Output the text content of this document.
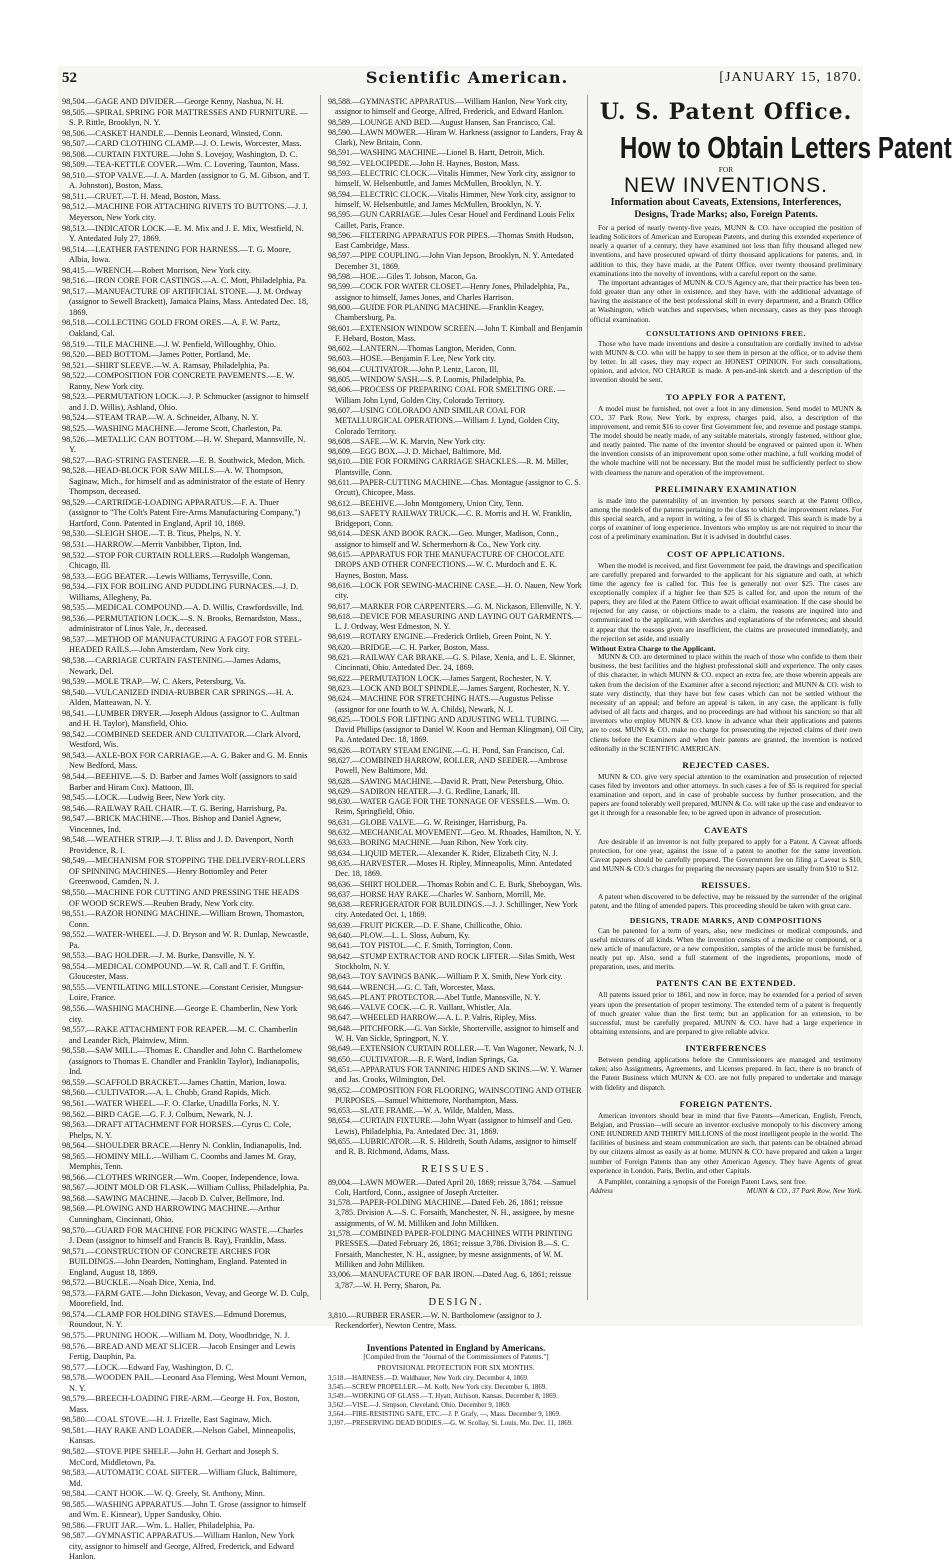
52	Scientific American.	[JANUARY 15, 1870.
98,504.—GAGE AND DIVIDER.—George Kenny, Nashua, N. H.
98,505.—SPIRAL SPRING FOR MATTRESSES AND FURNITURE. —S. P. Rittle, Brooklyn, N. Y.
98,506.—CASKET HANDLE.—Dennis Leonard, Winsted, Conn.
98,507.—CARD CLOTHING CLAMP.—J. O. Lewis, Worcester, Mass.
98,508.—CURTAIN FIXTURE.—John S. Lovejoy, Washington, D. C.
98,509.—TEA-KETTLE COVER.—Wm. C. Lovering, Taunton, Mass.
98,510.—STOP VALVE.—J. A. Marden (assignor to G. M. Gibson, and T. A. Johnston), Boston, Mass.
98,511.—CRUET.—T. H. Mead, Boston, Mass.
98,512.—MACHINE FOR ATTACHING RIVETS TO BUTTONS.—J. J. Meyerson, New York city.
98,513.—INDICATOR LOCK.—E. M. Mix and J. E. Mix, Westfield, N. Y. Antedated July 27, 1869.
98,514.—LEATHER FASTENING FOR HARNESS.—T. G. Moore, Albia, Iowa.
98,415.—WRENCH.—Robert Morrison, New York city.
98,516.—IRON CORE FOR CASTINGS.—A. C. Mott, Philadelphia, Pa.
98,517.—MANUFACTURE OF ARTIFICIAL STONE.—J. M. Ordway (assignor to Sewell Brackett), Jamaica Plains, Mass. Antedated Dec. 18, 1869.
98,518.—COLLECTING GOLD FROM ORES.—A. F. W. Partz, Oakland, Cal.
98,519.—TILE MACHINE.—J. W. Penfield, Willoughby, Ohio.
98,520.—BED BOTTOM.—James Potter, Portland, Me.
98,521.—SHIRT SLEEVE.—W. A. Ramsay, Philadelphia, Pa.
98,522.—COMPOSITION FOR CONCRETE PAVEMENTS.—E. W. Ranny, New York city.
98,523.—PERMUTATION LOCK.—J. P. Schmucker (assignor to himself and J. D. Willis), Ashland, Ohio.
98,524.—STEAM TRAP.—W. A. Schneider, Albany, N. Y.
98,525.—WASHING MACHINE.—Jerome Scott, Charleston, Pa.
98,526.—METALLIC CAN BOTTOM.—H. W. Shepard, Mannsville, N. Y.
98,527.—BAG-STRING FASTENER.—E. B. Southwick, Medon, Mich.
98,528.—HEAD-BLOCK FOR SAW MILLS.—A. W. Thompson, Saginaw, Mich., for himself and as administrator of the estate of Henry Thompson, deceased.
98,529.—CARTRIDGE-LOADING APPARATUS.—F. A. Thuer (assignor to "The Colt's Patent Fire-Arms Manufacturing Company,") Hartford, Conn. Patented in England, April 10, 1869.
98,530.—SLEIGH SHOE.—T. B. Titus, Phelps, N. Y.
98,531.—HARROW.—Merrit Vanbibber, Tipton, Ind.
98,532.—STOP FOR CURTAIN ROLLERS.—Rudolph Wangeman, Chicago, Ill.
98,533.—EGG BEATER.—Lewis Williams, Terrysville, Conn.
98,534.—FIX FOR BOILING AND PUDDLING FURNACES.—J. D. Williams, Allegheny, Pa.
98,535.—MEDICAL COMPOUND.—A. D. Willis, Crawfordsville, Ind.
98,536.—PERMUTATION LOCK.—S. N. Brooks, Bernardston, Mass., administrator of Linus Yale, Jr., deceased.
98,537.—METHOD OF MANUFACTURING A FAGOT FOR STEEL-HEADED RAILS.—John Amsterdam, New York city.
98,538.—CARRIAGE CURTAIN FASTENING.—James Adams, Newark, Del.
98,539.—MOLE TRAP.—W. C. Akers, Petersburg, Va.
98,540.—VULCANIZED INDIA-RUBBER CAR SPRINGS.—H. A. Alden, Matteawan, N. Y.
98,541.—LUMBER DRYER.—Joseph Aldous (assignor to C. Aultman and H. H. Taylor), Mansfield, Ohio.
98,542.—COMBINED SEEDER AND CULTIVATOR.—Clark Alvord, Westford, Wis.
98,543.—AXLE-BOX FOR CARRIAGE.—A. G. Baker and G. M. Ennis New Bedford, Mass.
98,544.—BEEHIVE.—S. D. Barber and James Wolf (assignors to said Barber and Hiram Cox). Mattoon, Ill.
98,545.—LOCK.—Ludwig Beer, New York city.
98,546.—RAILWAY RAIL CHAIR.—T. G. Bering, Harrisburg, Pa.
98,547.—BRICK MACHINE.—Thos. Bishop and Daniel Agnew, Vincennes, Ind.
98,548.—WEATHER STRIP.—J. T. Bliss and J. D. Davenport, North Providence, R. I.
98,549.—MECHANISM FOR STOPPING THE DELIVERY-ROLLERS OF SPINNING MACHINES.—Henry Bottomley and Peter Greenwood, Camden, N. J.
98,550.—MACHINE FOR CUTTING AND PRESSING THE HEADS OF WOOD SCREWS.—Reuben Brady, New York city.
98,551.—RAZOR HONING MACHINE.—William Brown, Thomaston, Conn.
98,552.—WATER-WHEEL.—J. D. Bryson and W. R. Dunlap, Newcastle, Pa.
98,553.—BAG HOLDER.—J. M. Burke, Dansville, N. Y.
98,554.—MEDICAL COMPOUND.—W. R. Call and T. F. Griffin, Gloucester, Mass.
98,555.—VENTILATING MILLSTONE.—Constant Cerisier, Mungsur-Loire, France.
98,556.—WASHING MACHINE.—George E. Chamberlin, New York city.
98,557.—RAKE ATTACHMENT FOR REAPER.—M. C. Chamberlin and Leander Rich, Plainview, Minn.
98,558.—SAW MILL.—Thomas E. Chandler and John C. Barthelomew (assignors to Thomas E. Chandler and Franklin Taylor), Indianapolis, Ind.
98,559.—SCAFFOLD BRACKET.—James Chattin, Marion, Iowa.
98,560.—CULTIVATOR.—A. L. Chubb, Grand Rapids, Mich.
98,561.—WATER WHEEL.—F. O. Clarke, Unadilla Forks, N. Y.
98,562.—BIRD CAGE.—G. F. J. Colburn, Newark, N. J.
98,563.—DRAFT ATTACHMENT FOR HORSES.—Cyrus C. Cole, Phelps, N. Y.
98,564.—SHOULDER BRACE.—Henry N. Conklin, Indianapolis, Ind.
98,565.—HOMINY MILL.—William C. Coombs and James M. Gray, Memphis, Tenn.
98,566.—CLOTHES WRINGER.—Wm. Cooper, Independence, Iowa.
98,567.—JOINT MOLD OR FLASK.—William Culliss, Philadelphia, Pa.
98,568.—SAWING MACHINE.—Jacob D. Culver, Bellmore, Ind.
98,569.—PLOWING AND HARROWING MACHINE.—Arthur Cunningham, Cincinnati, Ohio.
98,570.—GUARD FOR MACHINE FOR PICKING WASTE.—Charles J. Dean (assignor to himself and Francis B. Ray), Franklin, Mass.
98,571.—CONSTRUCTION OF CONCRETE ARCHES FOR BUILDINGS.—John Dearden, Nottingham, England. Patented in England, August 18, 1869.
98,572.—BUCKLE.—Noah Dice, Xenia, Ind.
98,573.—FARM GATE.—John Dickason, Vevay, and George W. D. Culp, Moorefield, Ind.
98,574.—CLAMP FOR HOLDING STAVES.—Edmund Doremus, Roundout, N. Y.
98,575.—PRUNING HOOK.—William M. Doty, Woodbridge, N. J.
98,576.—BREAD AND MEAT SLICER.—Jacob Ensinger and Lewis Fertig, Dauphin, Pa.
98,577.—LOCK.—Edward Fay, Washington, D. C.
98,578.—WOODEN PAIL.—Leonard Asa Fleming, West Mount Vernon, N. Y.
98,579.—BREECH-LOADING FIRE-ARM.—George H. Fox, Boston, Mass.
98,580.—COAL STOVE.—H. J. Frizelle, East Saginaw, Mich.
98,581.—HAY RAKE AND LOADER.—Nelson Gabel, Minneapolis, Kansas.
98,582.—STOVE PIPE SHELF.—John H. Gerhart and Joseph S. McCord, Middletown, Pa.
98,583.—AUTOMATIC COAL SIFTER.—William Gluck, Baltimore, Md.
98,584.—CANT HOOK.—W. Q. Greely, St. Anthony, Minn.
98,585.—WASHING APPARATUS.—John T. Grose (assignor to himself and Wm. E. Kinnear), Upper Sandusky, Ohio.
98,586.—FRUIT JAR.—Wm. L. Haller, Philadelphia, Pa.
98,587.—GYMNASTIC APPARATUS.—William Hanlon, New York city, assignor to himself and George, Alfred, Frederick, and Edward Hanlon.
98,588.—GYMNASTIC APPARATUS.—William Hanlon, New York city, assignor to himself and George, Alfred, Frederick, and Edward Hanlon.
98,589.—LOUNGE AND BED.—August Hansen, San Francisco, Cal.
98,590.—LAWN MOWER.—Hiram W. Harkness (assignor to Landers, Fray & Clark), New Britain, Conn.
98,591.—WASHING MACHINE.—Lionel B. Hartt, Detroit, Mich.
98,592.—VELOCIPEDE.—John H. Haynes, Boston, Mass.
98,593.—ELECTRIC CLOCK.—Vitalis Himmer, New York city, assignor to himself, W. Helsenbuttle, and James McMullen, Brooklyn, N. Y.
98,594.—ELECTRIC CLOCK.—Vitalis Himmer, New York city, assignor to himself, W. Helsenbuttle, and James McMullen, Brooklyn, N. Y.
98,595.—GUN CARRIAGE.—Jules Cesar Houel and Ferdinand Louis Felix Caillet, Paris, France.
98,596.—FILTERING APPARATUS FOR PIPES.—Thomas Smith Hudson, East Cambridge, Mass.
98,597.—PIPE COUPLING.—John Vian Jepson, Brooklyn, N. Y. Antedated December 31, 1869.
98,598.—HOE.—Giles T. Jobson, Macon, Ga.
98,599.—COCK FOR WATER CLOSET.—Henry Jones, Philadelphia, Pa., assignor to himself, James Jones, and Charles Harrison.
98,600.—GUIDE FOR PLANING MACHINE.—Franklin Keagey, Chambersburg, Pa.
98,601.—EXTENSION WINDOW SCREEN.—John T. Kimball and Benjamin F. Hebard, Boston, Mass.
98,602.—LANTERN.—Thomas Langton, Meriden, Conn.
98,603.—HOSE.—Benjamin F. Lee, New York city.
98,604.—CULTIVATOR.—John P. Lentz, Lacon, Ill.
98,605.—WINDOW SASH.—S. P. Loomis, Philadelphia, Pa.
98,606.—PROCESS OF PREPARING COAL FOR SMELTING ORE. —William John Lynd, Golden City, Colorado Territory.
98,607.—USING COLORADO AND SIMILAR COAL FOR METALLURGICAL OPERATIONS.—William J. Lynd, Golden City, Colorado Territory.
98,608.—SAFE.—W. K. Marvin, New York city.
98,609.—EGG BOX.—J. D. Michael, Baltimore, Md.
98,610.—DIE FOR FORMING CARRIAGE SHACKLES.—R. M. Miller, Plantsville, Conn.
98,611.—PAPER-CUTTING MACHINE.—Chas. Montague (assignor to C. S. Orcutt), Chicopee, Mass.
98,612.—BEEHIVE.—John Montgomery, Union City, Tenn.
98,613.—SAFETY RAILWAY TRUCK.—C. R. Morris and H. W. Franklin, Bridgeport, Conn.
98,614.—DESK AND BOOK RACK.—Geo. Munger, Madison, Conn., assignor to himself and W. Schermerhorn & Co., New York city.
98,615.—APPARATUS FOR THE MANUFACTURE OF CHOCOLATE DROPS AND OTHER CONFECTIONS.—W. C. Murdoch and E. K. Haynes, Boston, Mass.
98,616.—LOCK FOR SEWING-MACHINE CASE.—H. O. Nauen, New York city.
98,617.—MARKER FOR CARPENTERS.—G. M. Nickason, Ellenville, N. Y.
98,618.—DEVICE FOR MEASURING AND LAYING OUT GARMENTS.—L. J. Ordway, West Edmeston, N. Y.
98,619.—ROTARY ENGINE.—Frederick Ortlieb, Green Point, N. Y.
98,620.—BRIDGE.—C. H. Parker, Boston, Mass.
98,621.—RAILWAY CAR BRAKE.—G. S. Pilase, Xenia, and L. E. Skinner, Cincinnati, Ohio. Antedated Dec. 24, 1869.
98,622.—PERMUTATION LOCK.—James Sargent, Rochester, N. Y.
98,623.—LOCK AND BOLT SPINDLE.—James Sargent, Rochester, N. Y.
98,624.—MACHINE FOR STRETCHING HATS.—Augustus Pelisse (assignor for one fourth to W. A. Childs), Newark, N. J.
98,625.—TOOLS FOR LIFTING AND ADJUSTING WELL TUBING. —David Phillips (assignor to Daniel W. Koon and Herman Klingman), Oil City, Pa. Antedated Dec. 18, 1869.
98,626.—ROTARY STEAM ENGINE.—G. H. Pond, San Francisco, Cal.
98,627.—COMBINED HARROW, ROLLER, AND SEEDER.—Ambrose Powell, New Baltimore, Md.
98,628.—SAWING MACHINE.—David R. Pratt, New Petersburg, Ohio.
98,629.—SADIRON HEATER.—J. G. Redline, Lanark, Ill.
98,630.—WATER GAGE FOR THE TONNAGE OF VESSELS.—Wm. O. Reim, Springfield, Ohio.
98,631.—GLOBE VALVE.—G. W. Reisinger, Harrisburg, Pa.
98,632.—MECHANICAL MOVEMENT.—Geo. M. Rhoades, Hamilton, N. Y.
98,633.—BORING MACHINE.—Juan Ribon, New York city.
98,634.—LIQUID METER.—Alexander K. Rider, Elizabeth City, N. J.
98,635.—HARVESTER.—Moses H. Ripley, Minneapolis, Minn. Antedated Dec. 18, 1869.
98,636.—SHIRT HOLDER.—Thomas Robin and C. E. Burk, Sheboygan, Wis.
98,637.—HORSE HAY RAKE.—Charles W. Sanborn, Morrill, Me.
98,638.—REFRIGERATOR FOR BUILDINGS.—J. J. Schillinger, New York city. Antedated Oct. 1, 1869.
98,639.—FRUIT PICKER.—D. F. Shane, Chillicothe, Ohio.
98,640.—PLOW.—L. L. Sloss, Auburn, Ky.
98,641.—TOY PISTOL.—C. F. Smith, Torrington, Conn.
98,642.—STUMP EXTRACTOR AND ROCK LIFTER.—Silas Smith, West Stockholm, N. Y.
98,643.—TOY SAVINGS BANK.—William P. X. Smith, New York city.
98,644.—WRENCH.—G. C. Taft, Worcester, Mass.
98,645.—PLANT PROTECTOR.—Abel Tuttle, Mannsville, N. Y.
98,646.—VALVE COCK.—C. R. Vaillant, Whistler, Ala.
98,647.—WHEELED HARROW.—A. L. P. Valris, Ripley, Miss.
98,648.—PITCHFORK.—G. Van Sickle, Shorterville, assignor to himself and W. H. Van Sickle, Springport, N. Y.
98,649.—EXTENSION CURTAIN ROLLER.—T. Van Wagoner, Newark, N. J.
98,650.—CULTIVATOR.—B. F. Ward, Indian Springs, Ga.
98,651.—APPARATUS FOR TANNING HIDES AND SKINS.—W. Y. Warner and Jas. Crooks, Wilmington, Del.
98,652.—COMPOSITION FOR FLOORING, WAINSCOTING AND OTHER PURPOSES.—Samuel Whittemore, Northampton, Mass.
98,653.—SLATE FRAME.—W. A. Wilde, Malden, Mass.
98,654.—CURTAIN FIXTURE.—John Wyatt (assignor to himself and Geo. Lewis), Philadelphia, Pa. Antedated Dec. 31, 1869.
98,655.—LUBRICATOR.—R. S. Hildreth, South Adams, assignor to himself and R. B. Richmond, Adams, Mass.
REISSUES.
89,004.—LAWN MOWER.—Dated April 20, 1869; reissue 3,784. —Samuel Colt, Hartford, Conn., assignee of Joseph Arcteiter.
31,578.—PAPER-FOLDING MACHINE.—Dated Feb. 26, 1861; reissue 3,785. Division A.—S. C. Forsaith, Manchester, N. H., assignee, by mesne assignments, of W. M. Milliken and John Milliken.
31,578.—COMBINED PAPER-FOLDING MACHINES WITH PRINTING PRESSES.—Dated February 26, 1861; reissue 3,786. Division B.—S. C. Forsaith, Manchester, N. H., assignee, by mesne assignments, of W. M. Milliken and John Milliken.
33,006.—MANUFACTURE OF BAR IRON.—Dated Aug. 6, 1861; reissue 3,787.—W. H. Perry, Sharon, Pa.
DESIGN.
3,810.—RUBBER ERASER.—W. N. Bartholomew (assignor to J. Reckendorfer), Newton Centre, Mass.
Inventions Patented in England by Americans.
[Compiled from the "Journal of the Commissioners of Patents."]
PROVISIONAL PROTECTION FOR SIX MONTHS.
3,518.—HARNESS.—D. Waldhauer, New York city. December 4, 1869.
3,545.—SCREW PROPELLER.—M. Kolb, New York city. December 6, 1869.
3,549.—WORKING OF GLASS.—T. Hyatt, Atchison, Kansas. December 8, 1869.
3,562.—VISE.—J. Simpson, Cleveland, Ohio. December 9, 1869.
3,564.—FIRE-RESISTING SAFE, ETC.—J. P. Grafy, —, Mass. December 9, 1869.
3,397.—PRESERVING DEAD BODIES.—G. W. Scollay, St. Louis, Mo. Dec. 11, 1869.
U. S. Patent Office.
How to Obtain Letters Patent
FOR
NEW INVENTIONS.
Information about Caveats, Extensions, Interferences,
Designs, Trade Marks; also, Foreign Patents.

For a period of nearly twenty-five years, MUNN & CO. have occupied the position of leading Solicitors of American and European Patents, and during this extended experience of nearly a quarter of a century, they have examined not less than fifty thousand alleged new inventions, and have prosecuted upward of thirty thousand applications for patents, and, in addition to this, they have made, at the Patent Office, over twenty thousand preliminary examinations into the novelty of inventions, with a careful report on the same.

The important advantages of MUNN & CO.'S Agency are, that their practice has been ten-fold greater than any other in existence, and they have, with the additional advantage of having the assistance of the best professional skill in every department, and a Branch Office at Washington, which watches and supervises, when necessary, cases as they pass through official examination.

CONSULTATIONS AND OPINIONS FREE.

Those who have made inventions and desire a consultation are cordially invited to advise with MUNN & CO. who will be happy to see them in person at the office, or to advise them by letter. In all cases, they may expect an HONEST OPINION. For such consultations, opinion, and advice, NO CHARGE is made. A pen-and-ink sketch and a description of the invention should be sent.

TO APPLY FOR A PATENT,

A model must be furnished, not over a foot in any dimension. Send model to MUNN & CO., 37 Park Row, New York, by express, charges paid, also, a description of the improvement, and remit $16 to cover first Government fee, and revenue and postage stamps. The model should be neatly made, of any suitable materials, strongly fastened, without glue, and neatly painted. The name of the inventor should be engraved or painted upon it. When the invention consists of an improvement upon some other machine, a full working model of the whole machine will not be necessary. But the model must be sufficiently perfect to show with clearness the nature and operation of the improvement.

PRELIMINARY EXAMINATION

is made into the patentability of an invention by persons search at the Patent Office, among the models of the patents pertaining to the class to which the improvement relates. For this special search, and a report in writing, a fee of $5 is charged. This search is made by a corps of examiner of long experience. Inventors who employ us are not required to incur the cost of a preliminary examination. But it is advised in doubtful cases.

COST OF APPLICATIONS.

When the model is received, and first Government fee paid, the drawings and specification are carefully prepared and forwarded to the applicant for his signature and oath, at which time the agency fee is called for. This fee is generally not over $25. The cases are exceptionally complex if a higher fee than $25 is called for, and upon the return of the papers, they are filed at the Patent Office to await official examination. If the case should be rejected for any cause, or objections made to a claim, the reasons are inquired into and communicated to the applicant, with sketches and explanations of the references; and should it appear that the reasons given are insufficient, the claims are prosecuted immediately, and the rejection set aside, and usually

Without Extra Charge to the Applicant.

MUNN & CO. are determined to place within the reach of those who confide to them their business, the best facilities and the highest professional skill and experience. The only cases of this character, in which MUNN & CO. expect an extra fee, are those wherein appeals are taken from the decision of the Examiner after a second rejection; and MUNN & CO. wish to state very distinctly, that they have but few cases which can not be settled without the necessity of an appeal; and before an appeal is taken, in any case, the applicant is fully advised of all facts and charges, and no proceedings are had without his sanction; so that all inventors who employ MUNN & CO. know in advance what their applications and patents are to cost. MUNN & CO. make no charge for prosecuting the rejected claims of their own clients before the Examiners and when their patents are granted, the invention is noticed editorially in the SCIENTIFIC AMERICAN.

REJECTED CASES.

MUNN & CO. give very special attention to the examination and prosecution of rejected cases filed by inventors and other attorneys. In such cases a fee of $5 is required for special examination and report, and in case of probable success by further prosecution, and the papers are found tolerably well prepared, MUNN & Co. will take up the case and endeavor to get it through for a reasonable fee, to be agreed upon in advance of prosecution.

CAVEATS

Are desirable if an inventor is not fully prepared to apply for a Patent. A Caveat affords protection, for one year, against the issue of a patent to another for the same invention. Caveat papers should be carefully prepared. The Government fee on filing a Caveat is $10, and MUNN & CO.'s charges for preparing the necessary papers are usually from $10 to $12.

REISSUES.

A patent when discovered to be defective, may be reissued by the surrender of the original patent, and the filing of amended papers. This proceeding should be taken with great care.

DESIGNS, TRADE MARKS, AND COMPOSITIONS

Can be patented for a term of years, also, new medicines or medical compounds, and useful mixtures of all kinds. When the invention consists of a medicine or compound, or a new article of manufacture, or a new composition, samples of the article must be furnished, neatly put up. Also, send a full statement of the ingredients, proportions, mode of preparation, uses, and merits.

PATENTS CAN BE EXTENDED.

All patents issued prior to 1861, and now in force, may be extended for a period of seven years upon the presentation of proper testimony. The extended term of a patent is frequently of much greater value than the first term; but an application for an extension, to be successful, must be carefully prepared. MUNN & CO. have had a large experience in obtaining extensions, and are prepared to give reliable advice.

INTERFERENCES

Between pending applications before the Commissioners are managed and testimony taken; also Assignments, Agreements, and Licenses prepared. In fact, there is no branch of the Patent Business which MUNN & CO. are not fully prepared to undertake and manage with fidelity and dispatch.

FOREIGN PATENTS.

American inventors should bear in mind that five Patents—American, English, French, Belgian, and Prussian—will secure an inventor exclusive monopoly to his discovery among ONE HUNDRED AND THIRTY MILLIONS of the most intelligent people in the world. The facilities of business and steam communication are such, that patents can be obtained abroad by our citizens almost as easily as at home. MUNN & CO. have prepared and taken a larger number of Foreign Patents than any other American Agency. They have Agents of great experience in London, Paris, Berlin, and other Capitals.

A Pamphlet, containing a synopsis of the Foreign Patent Laws, sent free.
Address	MUNN & CO., 37 Park Row, New York.
